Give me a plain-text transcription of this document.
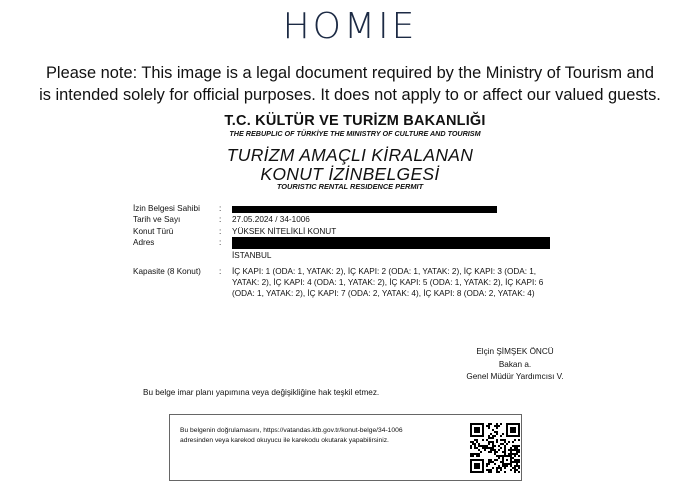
HOMIE
Please note: This image is a legal document required by the Ministry of Tourism and
is intended solely for official purposes. It does not apply to or affect our valued guests.
T.C. KÜLTÜR VE TURİZM BAKANLIĞI
THE REBUPLIC OF TÜRKİYE THE MINISTRY OF CULTURE AND TOURISM
TURİZM AMAÇLI KİRALANAN
KONUT İZİNBELGESİ
TOURISTIC RENTAL RESIDENCE PERMIT
İzin Belgesi Sahibi	:
Tarih ve Sayı	: 27.05.2024 / 34-1006
Konut Türü	: YÜKSEK NİTELİKLİ KONUT
Adres	:
İSTANBUL
Kapasite (8 Konut)	: İÇ KAPI: 1 (ODA: 1, YATAK: 2), İÇ KAPI: 2 (ODA: 1, YATAK: 2), İÇ KAPI: 3 (ODA: 1, YATAK: 2), İÇ KAPI: 4 (ODA: 1, YATAK: 2), İÇ KAPI: 5 (ODA: 1, YATAK: 2), İÇ KAPI: 6 (ODA: 1, YATAK: 2), İÇ KAPI: 7 (ODA: 2, YATAK: 4), İÇ KAPI: 8 (ODA: 2, YATAK: 4)
Elçin ŞİMŞEK ÖNCÜ
Bakan a.
Genel Müdür Yardımcısı V.
Bu belge imar planı yapımına veya değişikliğine hak teşkil etmez.
Bu belgenin doğrulamasını, https://vatandas.ktb.gov.tr/konut-belge/34-1006
adresinden veya karekod okuyucu ile karekodu okutarak yapabilirsiniz.
